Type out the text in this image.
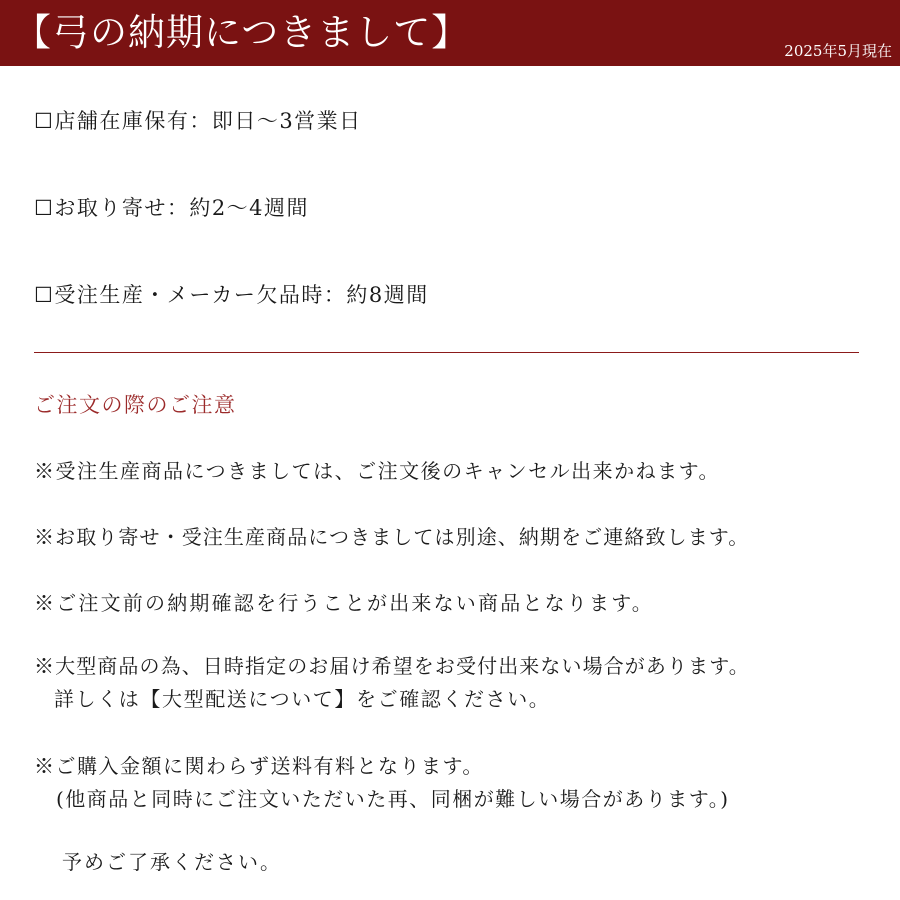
【弓の納期につきまして】	2025年5月現在
☐店舗在庫保有：即日～3営業日
☐お取り寄せ：約2～4週間
☐受注生産・メーカー欠品時：約8週間
ご注文の際のご注意
※受注生産商品につきましては、ご注文後のキャンセル出来かねます。
※お取り寄せ・受注生産商品につきましては別途、納期をご連絡致します。
※ご注文前の納期確認を行うことが出来ない商品となります。
※大型商品の為、日時指定のお届け希望をお受付出来ない場合があります。
詳しくは【大型配送について】をご確認ください。
※ご購入金額に関わらず送料有料となります。
(他商品と同時にご注文いただいた再、同梱が難しい場合があります。)
予めご了承ください。
